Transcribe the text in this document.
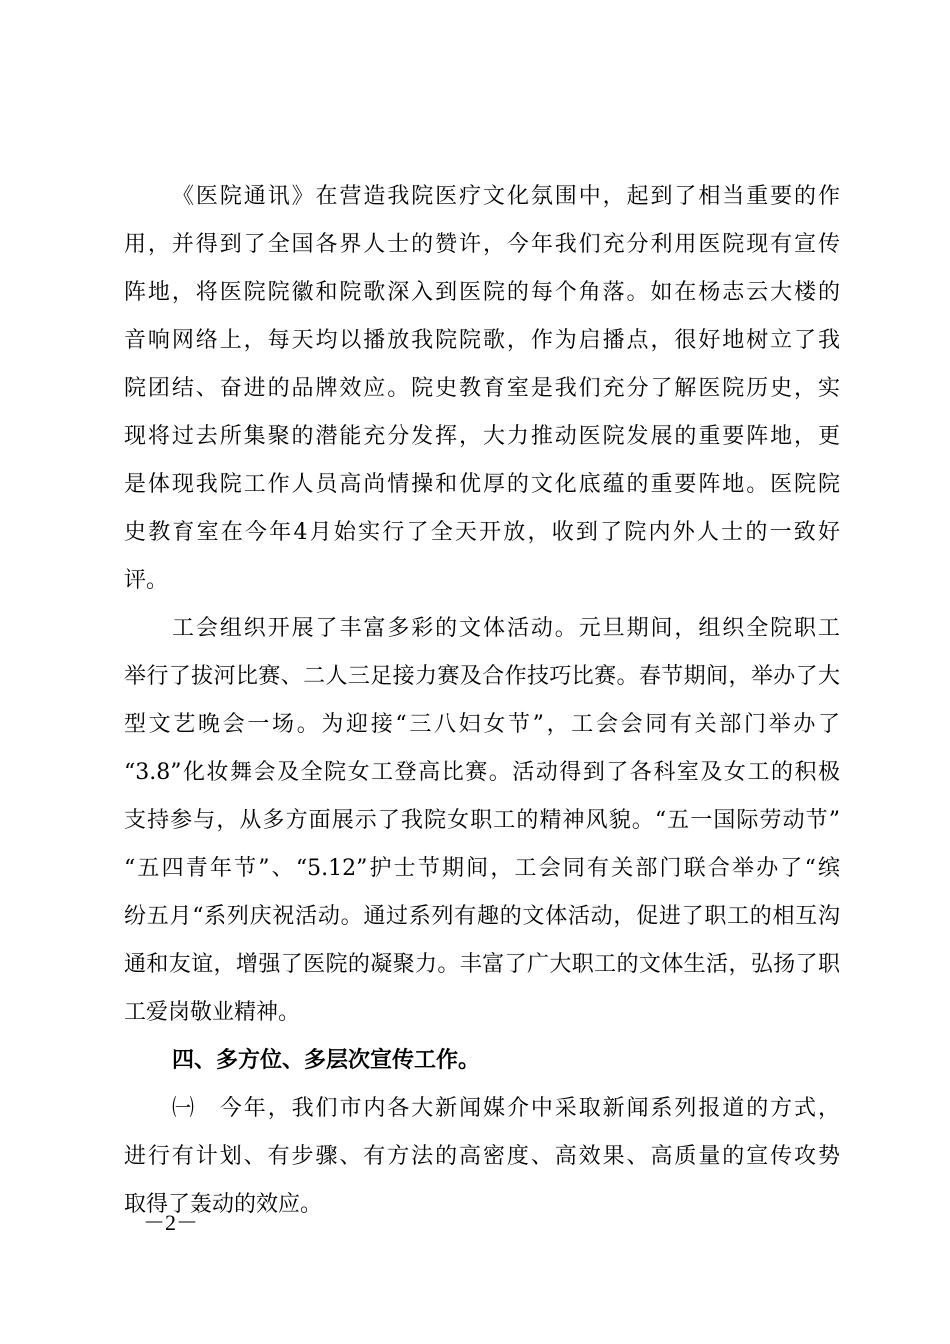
《医院通讯》在营造我院医疗文化氛围中，起到了相当重要的作
用，并得到了全国各界人士的赞许，今年我们充分利用医院现有宣传
阵地，将医院院徽和院歌深入到医院的每个角落。如在杨志云大楼的
音响网络上，每天均以播放我院院歌，作为启播点，很好地树立了我
院团结、奋进的品牌效应。院史教育室是我们充分了解医院历史，实
现将过去所集聚的潜能充分发挥，大力推动医院发展的重要阵地，更
是体现我院工作人员高尚情操和优厚的文化底蕴的重要阵地。医院院
史教育室在今年4月始实行了全天开放，收到了院内外人士的一致好
评。
工会组织开展了丰富多彩的文体活动。元旦期间，组织全院职工
举行了拔河比赛、二人三足接力赛及合作技巧比赛。春节期间，举办了大
型文艺晚会一场。为迎接“三八妇女节”，工会会同有关部门举办了
“3.8”化妆舞会及全院女工登高比赛。活动得到了各科室及女工的积极
支持参与，从多方面展示了我院女职工的精神风貌。“五一国际劳动节”
“五四青年节”、“5.12”护士节期间，工会同有关部门联合举办了“缤
纷五月“系列庆祝活动。通过系列有趣的文体活动，促进了职工的相互沟
通和友谊，增强了医院的凝聚力。丰富了广大职工的文体生活，弘扬了职
工爱岗敬业精神。
四、多方位、多层次宣传工作。
㈠　今年，我们市内各大新闻媒介中采取新闻系列报道的方式，
进行有计划、有步骤、有方法的高密度、高效果、高质量的宣传攻势
取得了轰动的效应。
－2－
